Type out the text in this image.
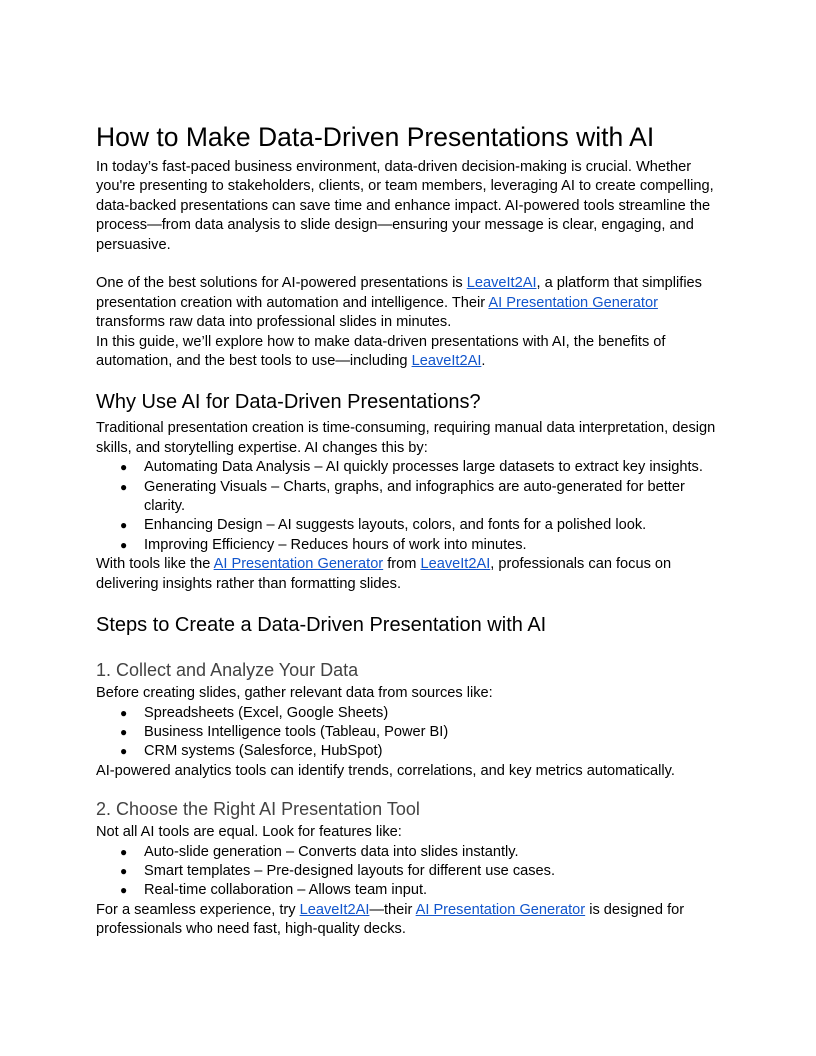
How to Make Data-Driven Presentations with AI

In today’s fast-paced business environment, data-driven decision-making is crucial. Whether you're presenting to stakeholders, clients, or team members, leveraging AI to create compelling, data-backed presentations can save time and enhance impact. AI-powered tools streamline the process—from data analysis to slide design—ensuring your message is clear, engaging, and persuasive.

One of the best solutions for AI-powered presentations is LeaveIt2AI, a platform that simplifies presentation creation with automation and intelligence. Their AI Presentation Generator transforms raw data into professional slides in minutes.

In this guide, we’ll explore how to make data-driven presentations with AI, the benefits of automation, and the best tools to use—including LeaveIt2AI.

Why Use AI for Data-Driven Presentations?

Traditional presentation creation is time-consuming, requiring manual data interpretation, design skills, and storytelling expertise. AI changes this by:

●	Automating Data Analysis – AI quickly processes large datasets to extract key insights.
●	Generating Visuals – Charts, graphs, and infographics are auto-generated for better clarity.
●	Enhancing Design – AI suggests layouts, colors, and fonts for a polished look.
●	Improving Efficiency – Reduces hours of work into minutes.

With tools like the AI Presentation Generator from LeaveIt2AI, professionals can focus on delivering insights rather than formatting slides.

Steps to Create a Data-Driven Presentation with AI
1. Collect and Analyze Your Data

Before creating slides, gather relevant data from sources like:

●	Spreadsheets (Excel, Google Sheets)
●	Business Intelligence tools (Tableau, Power BI)
●	CRM systems (Salesforce, HubSpot)

AI-powered analytics tools can identify trends, correlations, and key metrics automatically.

2. Choose the Right AI Presentation Tool

Not all AI tools are equal. Look for features like:

●	Auto-slide generation – Converts data into slides instantly.
●	Smart templates – Pre-designed layouts for different use cases.
●	Real-time collaboration – Allows team input.

For a seamless experience, try LeaveIt2AI—their AI Presentation Generator is designed for professionals who need fast, high-quality decks.
